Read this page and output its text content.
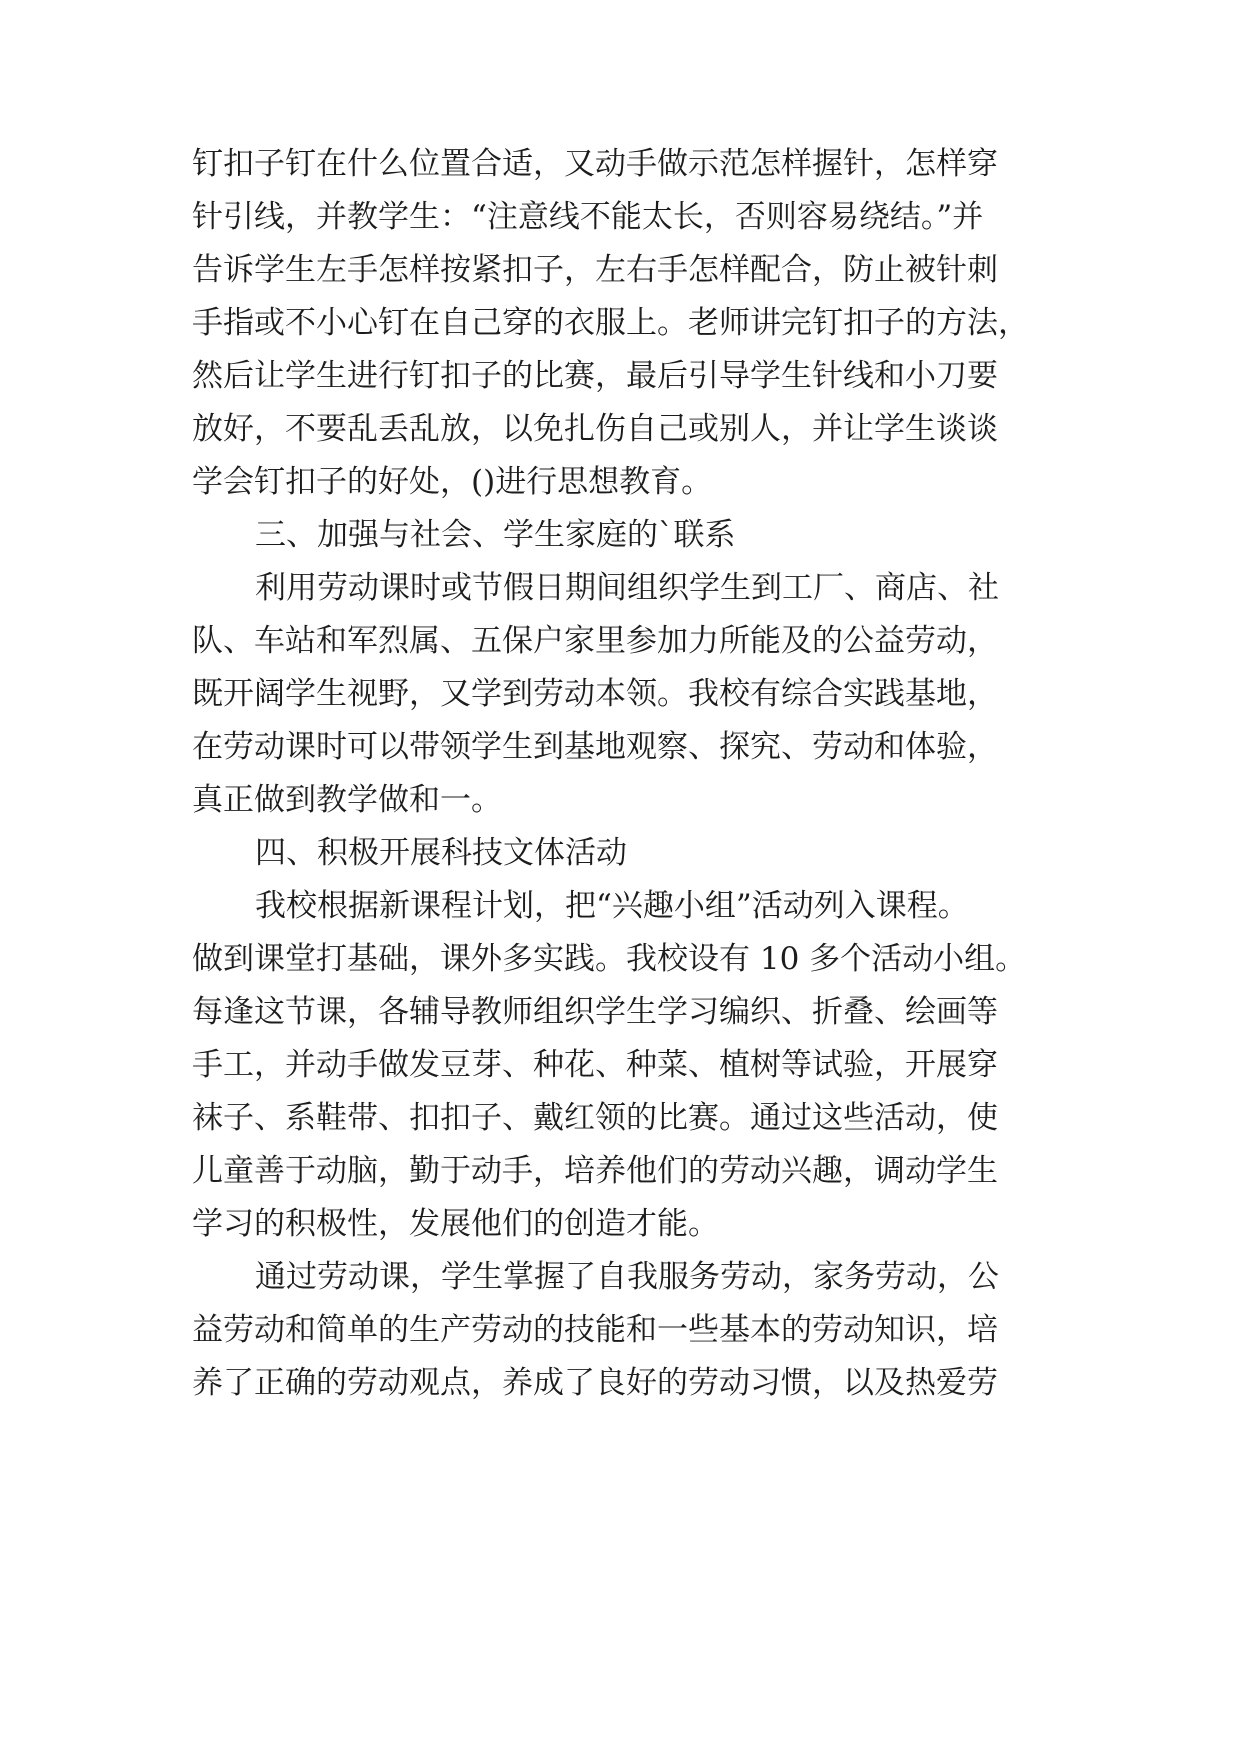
钉扣子钉在什么位置合适，又动手做示范怎样握针，怎样穿
针引线，并教学生：“注意线不能太长，否则容易绕结。”并
告诉学生左手怎样按紧扣子，左右手怎样配合，防止被针刺
手指或不小心钉在自己穿的衣服上。老师讲完钉扣子的方法，
然后让学生进行钉扣子的比赛，最后引导学生针线和小刀要
放好，不要乱丢乱放，以免扎伤自己或别人，并让学生谈谈
学会钉扣子的好处，()进行思想教育。
三、加强与社会、学生家庭的`联系
利用劳动课时或节假日期间组织学生到工厂、商店、社
队、车站和军烈属、五保户家里参加力所能及的公益劳动，
既开阔学生视野，又学到劳动本领。我校有综合实践基地，
在劳动课时可以带领学生到基地观察、探究、劳动和体验，
真正做到教学做和一。
四、积极开展科技文体活动
我校根据新课程计划，把“兴趣小组”活动列入课程。
做到课堂打基础，课外多实践。我校设有 10 多个活动小组。
每逢这节课，各辅导教师组织学生学习编织、折叠、绘画等
手工，并动手做发豆芽、种花、种菜、植树等试验，开展穿
袜子、系鞋带、扣扣子、戴红领的比赛。通过这些活动，使
儿童善于动脑，勤于动手，培养他们的劳动兴趣，调动学生
学习的积极性，发展他们的创造才能。
通过劳动课，学生掌握了自我服务劳动，家务劳动，公
益劳动和简单的生产劳动的技能和一些基本的劳动知识，培
养了正确的劳动观点，养成了良好的劳动习惯，以及热爱劳
